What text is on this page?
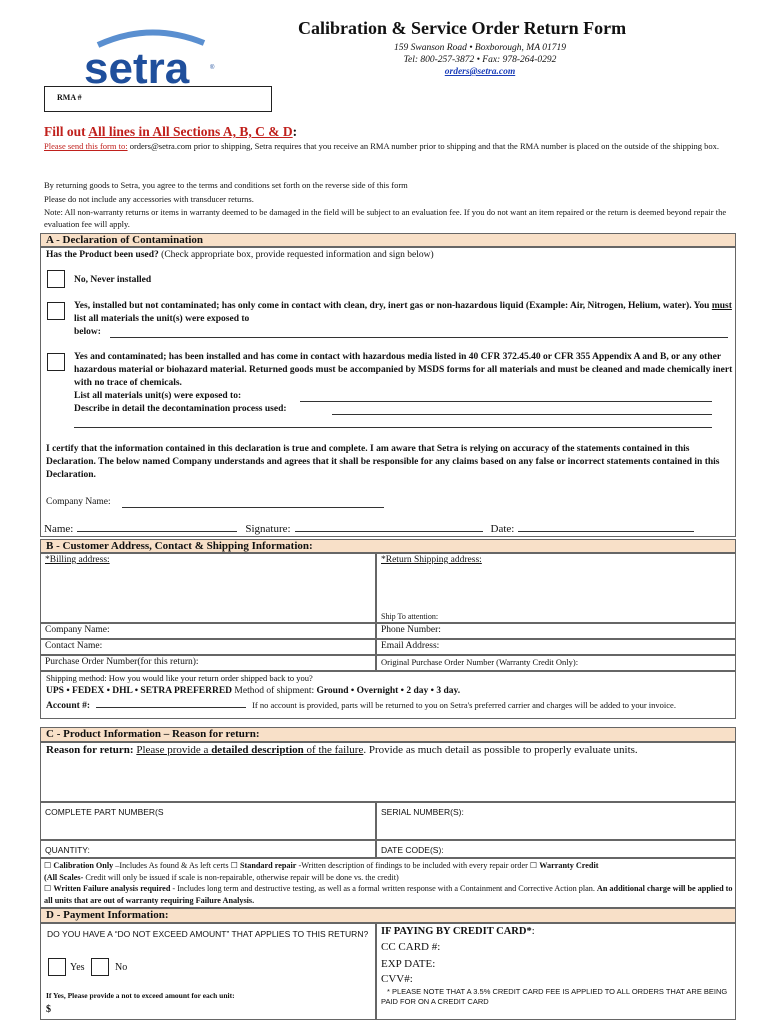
setra	®
Calibration & Service Order Return Form
159 Swanson Road • Boxborough, MA 01719
Tel: 800-257-3872 • Fax: 978-264-0292
orders@setra.com
RMA #
Fill out All lines in All Sections A, B, C & D:
Please send this form to: orders@setra.com prior to shipping, Setra requires that you receive an RMA number prior to shipping and that the RMA number is placed on the outside of the shipping box.
By returning goods to Setra, you agree to the terms and conditions set forth on the reverse side of this form
Please do not include any accessories with transducer returns.
Note: All non-warranty returns or items in warranty deemed to be damaged in the field will be subject to an evaluation fee. If you do not want an item repaired or the return is deemed beyond repair the evaluation fee will apply.
A - Declaration of Contamination
Has the Product been used? (Check appropriate box, provide requested information and sign below)
No, Never installed
Yes, installed but not contaminated; has only come in contact with clean, dry, inert gas or non-hazardous liquid (Example: Air, Nitrogen, Helium, water). You must list all materials the unit(s) were exposed to
below:
Yes and contaminated; has been installed and has come in contact with hazardous media listed in 40 CFR 372.45.40 or CFR 355 Appendix A and B, or any other hazardous material or biohazard material. Returned goods must be accompanied by MSDS forms for all materials and must be cleaned and made chemically inert with no trace of chemicals.
List all materials unit(s) were exposed to:
Describe in detail the decontamination process used:
I certify that the information contained in this declaration is true and complete. I am aware that Setra is relying on accuracy of the statements contained in this Declaration. The below named Company understands and agrees that it shall be responsible for any claims based on any false or incorrect statements contained in this Declaration.
Company Name:
Name:	Signature:	Date:
B - Customer Address, Contact & Shipping Information:
*Billing address:	*Return Shipping address:
Ship To attention:
Company Name:	Phone Number:
Contact Name:	Email Address:
Purchase Order Number(for this return):	Original Purchase Order Number (Warranty Credit Only):
Shipping method: How you would like your return order shipped back to you?
UPS • FEDEX • DHL • SETRA PREFERRED Method of shipment: Ground • Overnight • 2 day • 3 day.
Account #:	If no account is provided, parts will be returned to you on Setra's preferred carrier and charges will be added to your invoice.
C - Product Information – Reason for return:
Reason for return: Please provide a detailed description of the failure. Provide as much detail as possible to properly evaluate units.
COMPLETE PART NUMBER(S	SERIAL NUMBER(S):
QUANTITY:	DATE CODE(S):
☐ Calibration Only –Includes As found & As left certs ☐ Standard repair -Written description of findings to be included with every repair order ☐ Warranty Credit
(All Scales- Credit will only be issued if scale is non-repairable, otherwise repair will be done vs. the credit)
☐ Written Failure analysis required - Includes long term and destructive testing, as well as a formal written response with a Containment and Corrective Action plan. An additional charge will be applied to all units that are out of warranty requiring Failure Analysis.
D - Payment Information:
DO YOU HAVE A “DO NOT EXCEED AMOUNT” THAT APPLIES TO THIS RETURN?
Yes	No
If Yes, Please provide a not to exceed amount for each unit:
$
IF PAYING BY CREDIT CARD*:
CC CARD #:
EXP DATE:
CVV#:
* PLEASE NOTE THAT A 3.5% CREDIT CARD FEE IS APPLIED TO ALL ORDERS THAT ARE BEING PAID FOR ON A CREDIT CARD
